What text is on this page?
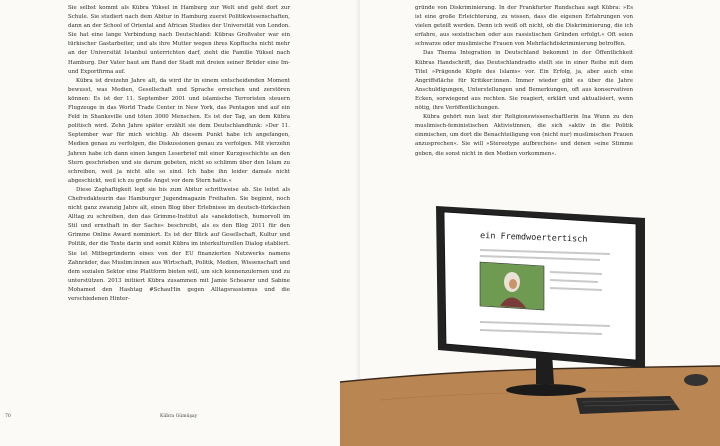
Sie selbst kommt als Kübra Yüksel in Hamburg zur Welt und geht dort zur Schule. Sie studiert nach dem Abitur in Hamburg zuerst Politikwissenschaften, dann an der School of Oriental and African Studies der Universität von London. Sie hat eine lange Verbindung nach Deutschland: Kübras Großvater war ein türkischer Gastarbeiter, und als ihre Mutter wegen ihres Kopftuchs nicht mehr an der Universität Istanbul unterrichten darf, zieht die Familie Yüksel nach Hamburg. Der Vater baut am Rand der Stadt mit dreien seiner Brüder eine Im- und Exportfirma auf.

Kübra ist dreizehn Jahre alt, da wird ihr in einem entscheidenden Moment bewusst, was Medien, Gesellschaft und Sprache erreichen und zerstören können: Es ist der 11. September 2001 und islamische Terroristen steuern Flugzeuge in das World Trade Center in New York, das Pentagon und auf ein Feld in Shanksville und töten 3000 Menschen. Es ist der Tag, an dem Kübra politisch wird. Zehn Jahre später erzählt sie dem Deutschlandfunk: »Der 11. September war für mich wichtig. Ab diesem Punkt habe ich angefangen, Medien genau zu verfolgen, die Diskussionen genau zu verfolgen. Mit vierzehn Jahren habe ich dann einen langen Leserbrief mit einer Kurzgeschichte an den Stern geschrieben und sie darum gebeten, nicht so schlimm über den Islam zu schreiben, weil ja nicht alle so sind. Ich habe ihn leider damals nicht abgeschickt, weil ich zu große Angst vor dem Stern hatte.«

Diese Zaghaftigkeit legt sie bis zum Abitur schrittweise ab. Sie leitet als Chefredakteurin das Hamburger Jugendmagazin Freihafen. Sie beginnt, noch nicht ganz zwanzig Jahre alt, einen Blog über Erlebnisse im deutsch-türkischen Alltag zu schreiben, den das Grimme-Institut als »anekdotisch, humorvoll im Stil und ernsthaft in der Sache« beschreibt, als es den Blog 2011 für den Grimme Online Award nominiert. Es ist der Blick auf Gesellschaft, Kultur und Politik, der die Texte darin und somit Kübra im interkulturellen Dialog etabliert. Sie ist Mitbegründerin eines von der EU finanzierten Netzwerks namens Zahnräder, das Muslim:innen aus Wirtschaft, Politik, Medien, Wissenschaft und dem sozialen Sektor eine Plattform bieten will, um sich kennenzulernen und zu unterstützen. 2013 initiiert Kübra zusammen mit Jamie Schearer und Sabine Mohamed den Hashtag #SchauHin gegen Alltagsrassismus und die verschiedenen Hinter-

70	Kübra Gümüşay

gründe von Diskriminierung. In der Frankfurter Rundschau sagt Kübra: »Es ist eine große Erleichterung, zu wissen, dass die eigenen Erfahrungen von vielen geteilt werden. Denn ich weiß oft nicht, ob die Diskriminierung, die ich erfahre, aus sexistischen oder aus rassistischen Gründen erfolgt.« Oft seien schwarze oder muslimische Frauen von Mehrfachdiskriminierung betroffen.

Das Thema Integration in Deutschland bekommt in der Öffentlichkeit Kübras Handschrift, das Deutschlandradio stellt sie in einer Reihe mit dem Titel »Prägende Köpfe des Islams« vor. Ein Erfolg, ja, aber auch eine Angriffsfläche für Kritiker:innen. Immer wieder gibt es über die Jahre Anschuldigungen, Unterstellungen und Bemerkungen, oft aus konservativen Ecken, sorwiegend aus rechten. Sie reagiert, erklärt und aktualisiert, wenn nötig, ihre Veröffentlichungen.

Kübra gehört nun laut der Religionswissenschaftlerin Ina Wunn zu den muslimisch-feministischen Aktivistinnen, die sich »aktiv in die Politik einmischen, um dort die Benachteiligung von (nicht nur) muslimischen Frauen anzusprechen«. Sie will »Stereotype aufbrechen« und denen »eine Stimme geben, die sonst nicht in den Medien vorkommen«.

ein Fremdwoertertisch
